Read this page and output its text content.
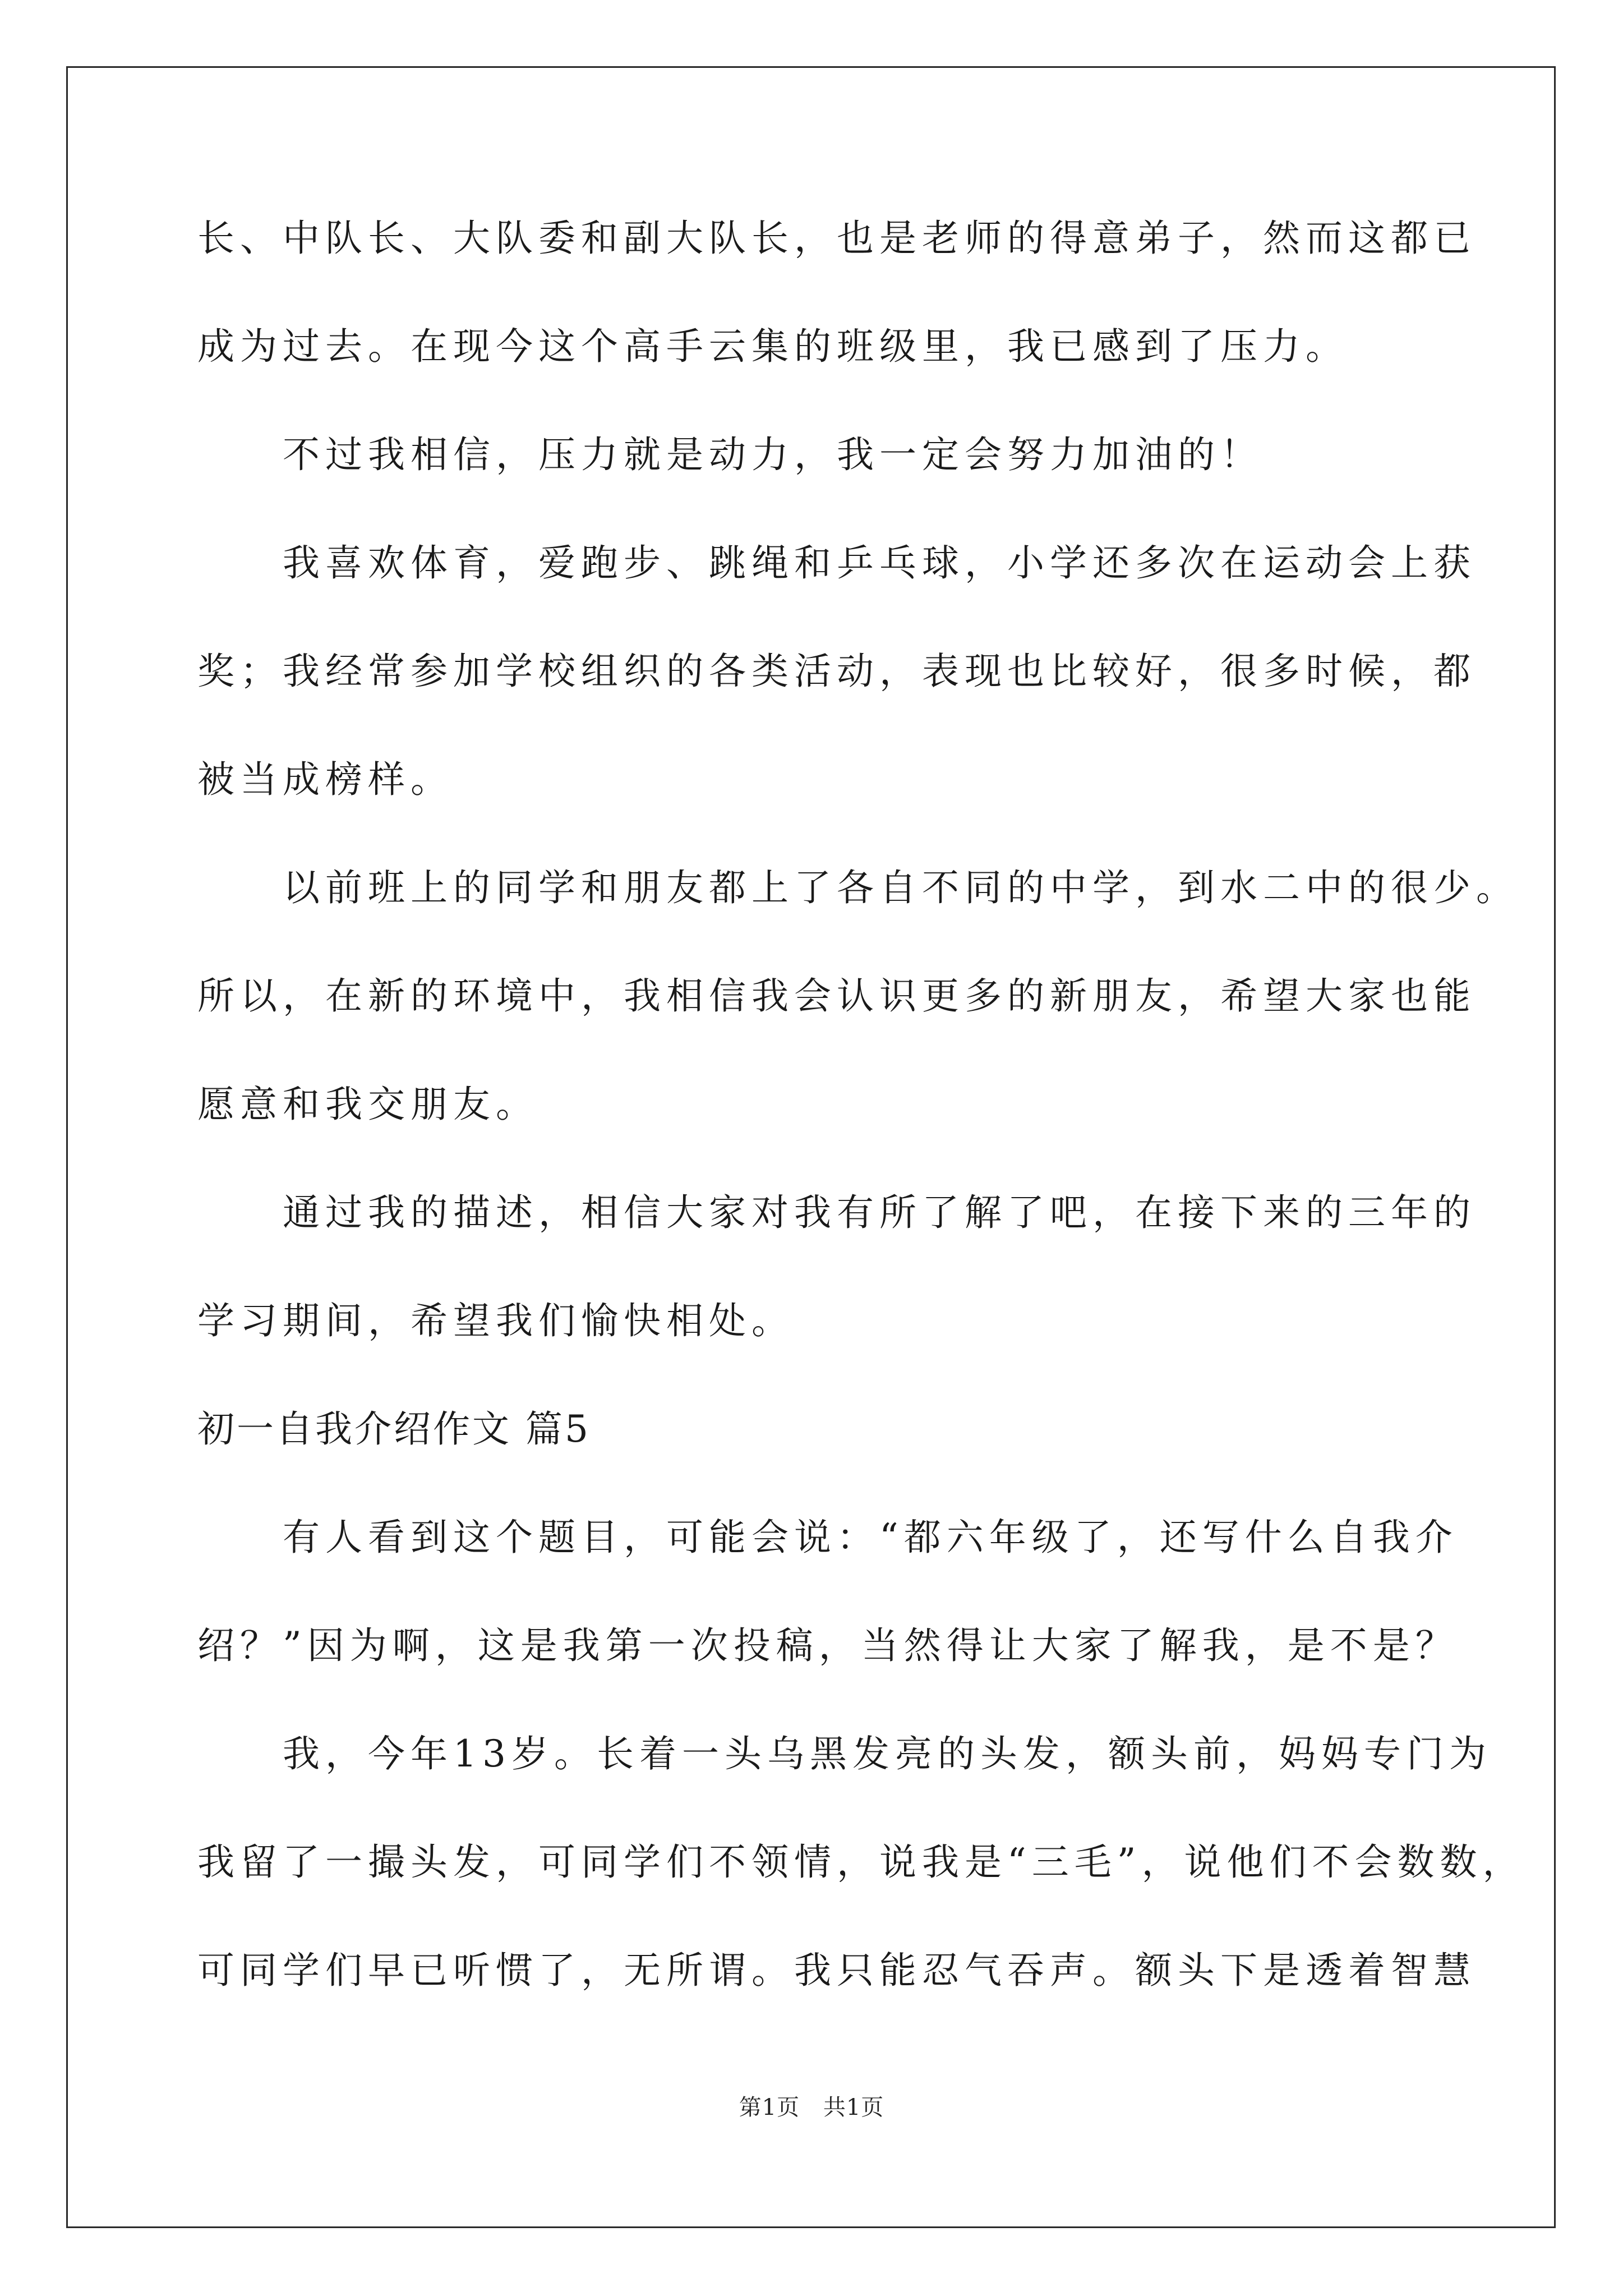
长、中队长、大队委和副大队长，也是老师的得意弟子，然而这都已
成为过去。在现今这个高手云集的班级里，我已感到了压力。
　　不过我相信，压力就是动力，我一定会努力加油的！
　　我喜欢体育，爱跑步、跳绳和乒乓球，小学还多次在运动会上获
奖；我经常参加学校组织的各类活动，表现也比较好，很多时候，都
被当成榜样。
　　以前班上的同学和朋友都上了各自不同的中学，到水二中的很少。
所以，在新的环境中，我相信我会认识更多的新朋友，希望大家也能
愿意和我交朋友。
　　通过我的描述，相信大家对我有所了解了吧，在接下来的三年的
学习期间，希望我们愉快相处。
初一自我介绍作文 篇5
　　有人看到这个题目，可能会说：“都六年级了，还写什么自我介
绍？”因为啊，这是我第一次投稿，当然得让大家了解我，是不是？
　　我，今年13岁。长着一头乌黑发亮的头发，额头前，妈妈专门为
我留了一撮头发，可同学们不领情，说我是“三毛”，说他们不会数数，
可同学们早已听惯了，无所谓。我只能忍气吞声。额头下是透着智慧
第1页 共1页
